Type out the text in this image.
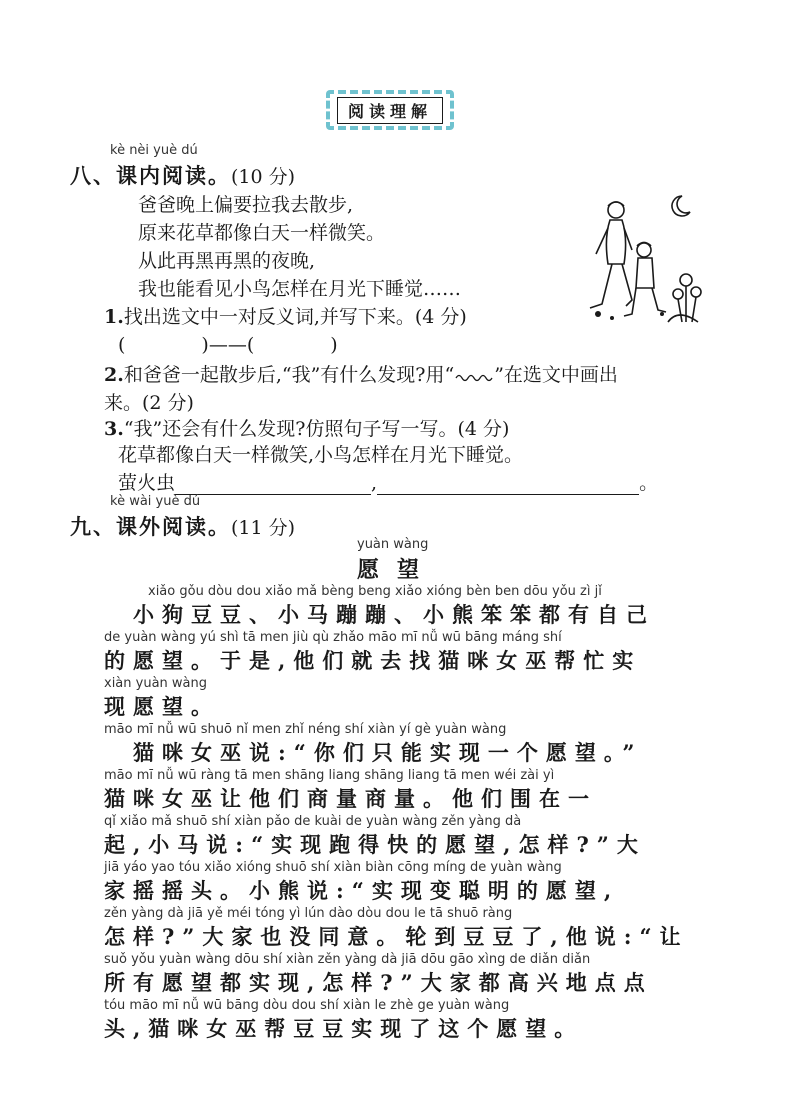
阅读理解
kè nèi yuè dú
八、课内阅读。(10 分)
爸爸晚上偏要拉我去散步,
原来花草都像白天一样微笑。
从此再黑再黑的夜晚,
我也能看见小鸟怎样在月光下睡觉……
1.找出选文中一对反义词,并写下来。(4 分)
(　　　　)——(　　　　)
2.和爸爸一起散步后,“我”有什么发现?用“ ”在选文中画出
来。(2 分)
3.“我”还会有什么发现?仿照句子写一写。(4 分)
花草都像白天一样微笑,小鸟怎样在月光下睡觉。
萤火虫	,	。
kè wài yuè dú
九、课外阅读。(11 分)
yuàn wàng
愿望
xiǎo gǒu dòu dou xiǎo mǎ bèng beng xiǎo xióng bèn ben dōu yǒu zì jǐ
　小狗豆豆、小马蹦蹦、小熊笨笨都有自己
de yuàn wàng yú shì tā men jiù qù zhǎo māo mī nǚ wū bāng máng shí
的愿望。于是,他们就去找猫咪女巫帮忙实
xiàn yuàn wàng
现愿望。
māo mī nǚ wū shuō nǐ men zhǐ néng shí xiàn yí gè yuàn wàng
　猫咪女巫说:“你们只能实现一个愿望。”
māo mī nǚ wū ràng tā men shāng liang shāng liang tā men wéi zài yì
猫咪女巫让他们商量商量。他们围在一
qǐ xiǎo mǎ shuō shí xiàn pǎo de kuài de yuàn wàng zěn yàng dà
起,小马说:“实现跑得快的愿望,怎样?”大
jiā yáo yao tóu xiǎo xióng shuō shí xiàn biàn cōng míng de yuàn wàng
家摇摇头。小熊说:“实现变聪明的愿望,
zěn yàng dà jiā yě méi tóng yì lún dào dòu dou le tā shuō ràng
怎样?”大家也没同意。轮到豆豆了,他说:“让
suǒ yǒu yuàn wàng dōu shí xiàn zěn yàng dà jiā dōu gāo xìng de diǎn diǎn
所有愿望都实现,怎样?”大家都高兴地点点
tóu māo mī nǚ wū bāng dòu dou shí xiàn le zhè ge yuàn wàng
头,猫咪女巫帮豆豆实现了这个愿望。
